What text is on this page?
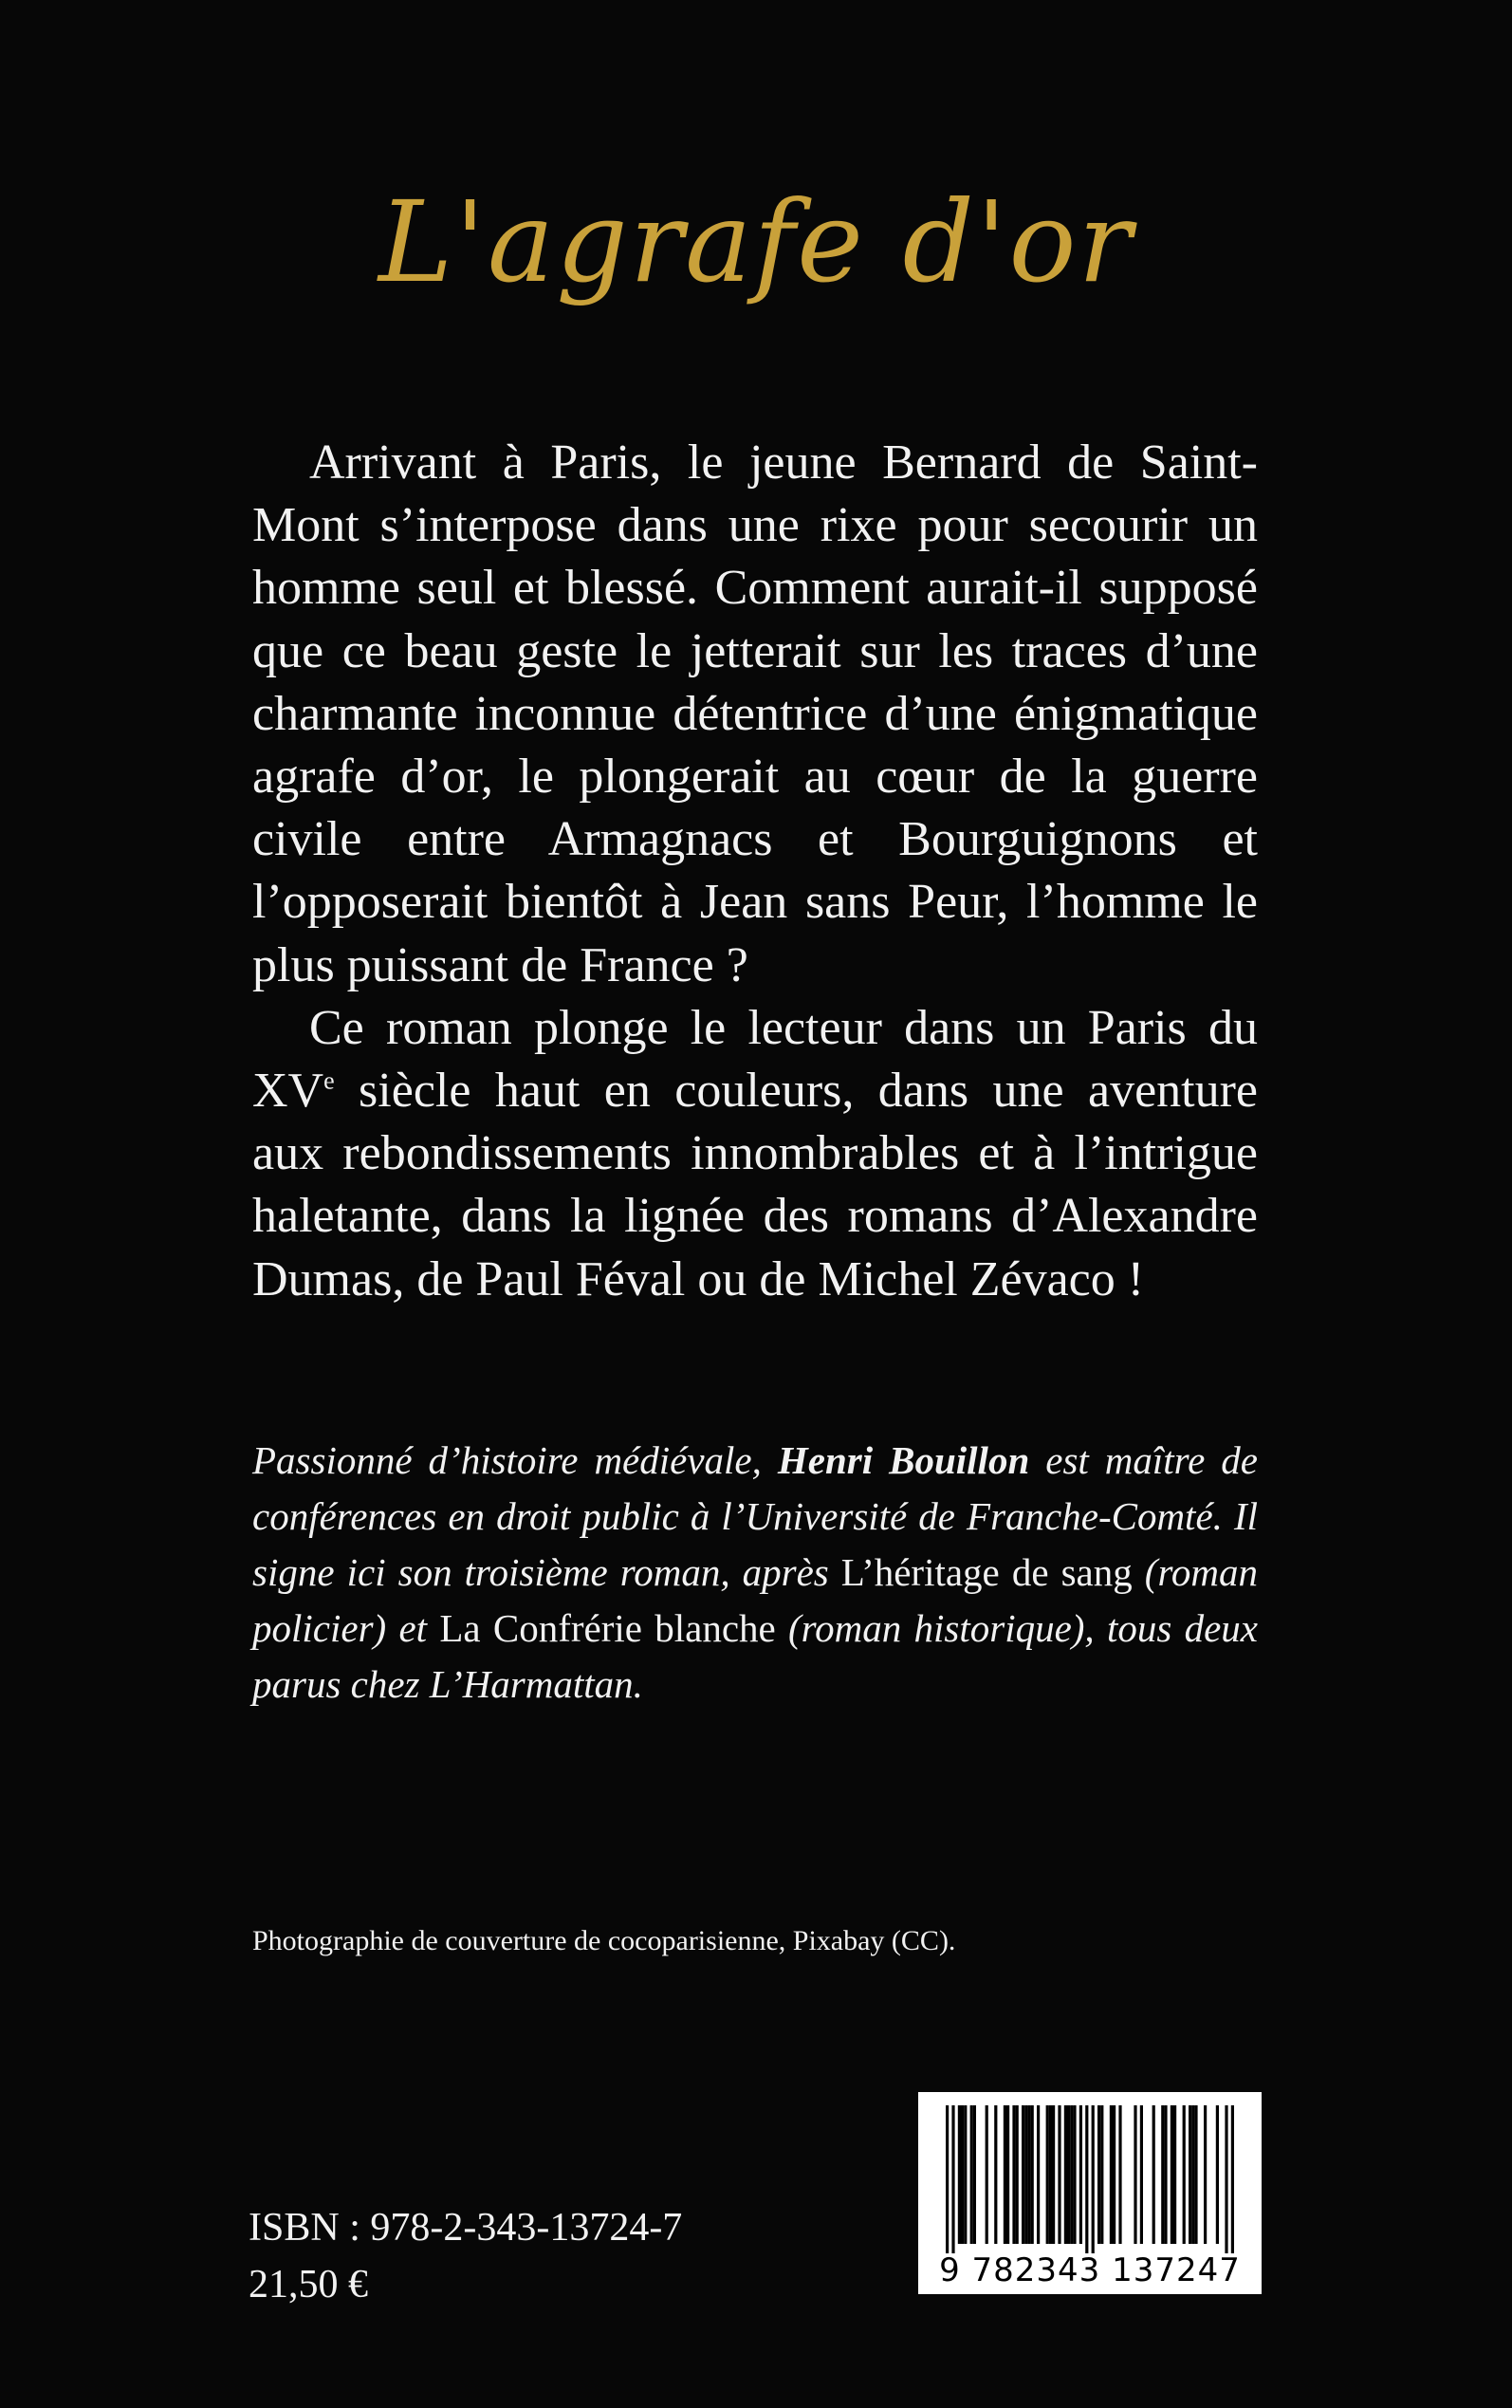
L'agrafe d'or

Arrivant à Paris, le jeune Bernard de Saint-Mont s’interpose dans une rixe pour secourir un homme seul et blessé. Comment aurait-il supposé que ce beau geste le jetterait sur les traces d’une charmante inconnue détentrice d’une énigmatique agrafe d’or, le plongerait au cœur de la guerre civile entre Armagnacs et Bourguignons et l’opposerait bientôt à Jean sans Peur, l’homme le plus puissant de France ?

Ce roman plonge le lecteur dans un Paris du XVe siècle haut en couleurs, dans une aventure aux rebondissements innombrables et à l’intrigue haletante, dans la lignée des romans d’Alexandre Dumas, de Paul Féval ou de Michel Zévaco !

Passionné d’histoire médiévale, Henri Bouillon est maître de conférences en droit public à l’Université de Franche-Comté. Il signe ici son troisième roman, après L’héritage de sang (roman policier) et La Confrérie blanche (roman historique), tous deux parus chez L’Harmattan.

Photographie de couverture de cocoparisienne, Pixabay (CC).
ISBN : 978-2-343-13724-7
21,50 €	9 782343 137247
